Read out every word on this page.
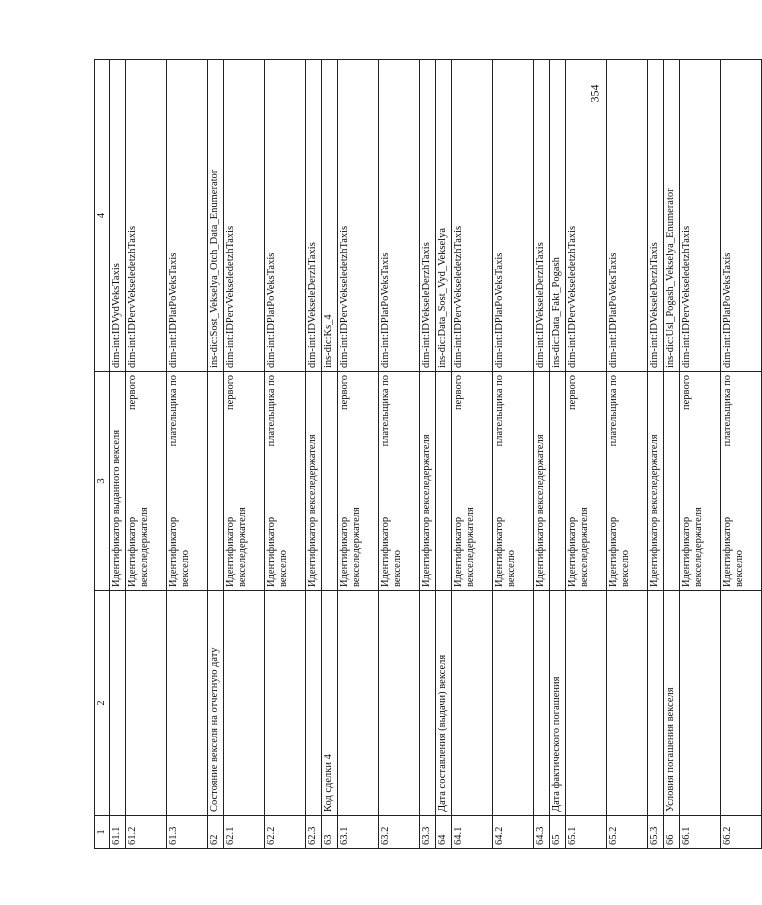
1	2	3	4
61.1		Идентификатор выданного векселя	dim-int:IDVydVeksTaxis
61.2		Идентификатор
первого
векселедержателя	dim-int:IDPervVekseledetzhTaxis
61.3		Идентификатор
плательщика по
векселю	dim-int:IDPlatPoVeksTaxis
62	Состояние векселя на отчетную дату		ins-dic:Sost_Vekselya_Otch_Data_Enumerator
62.1		Идентификатор
первого
векселедержателя	dim-int:IDPervVekseledetzhTaxis
62.2		Идентификатор
плательщика по
векселю	dim-int:IDPlatPoVeksTaxis
62.3		Идентификатор векселедержателя	dim-int:IDVekseleDerzhTaxis
63	Код сделки 4		ins-dic:Ks_4
63.1		Идентификатор
первого
векселедержателя	dim-int:IDPervVekseledetzhTaxis
63.2		Идентификатор
плательщика по
векселю	dim-int:IDPlatPoVeksTaxis
63.3		Идентификатор векселедержателя	dim-int:IDVekseleDerzhTaxis
64	Дата составления (выдачи) векселя		ins-dic:Data_Sost_Vyd_Vekselya
64.1		Идентификатор
первого
векселедержателя	dim-int:IDPervVekseledetzhTaxis
64.2		Идентификатор
плательщика по
векселю	dim-int:IDPlatPoVeksTaxis
64.3		Идентификатор векселедержателя	dim-int:IDVekseleDerzhTaxis
65	Дата фактического погашения		ins-dic:Data_Fakt_Pogash
65.1		Идентификатор
первого
векселедержателя	dim-int:IDPervVekseledetzhTaxis
65.2		Идентификатор
плательщика по
векселю	dim-int:IDPlatPoVeksTaxis
65.3		Идентификатор векселедержателя	dim-int:IDVekseleDerzhTaxis
66	Условия погашения векселя		ins-dic:Usl_Pogash_Vekselya_Enumerator
66.1		Идентификатор
первого
векселедержателя	dim-int:IDPervVekseledetzhTaxis
66.2		Идентификатор
плательщика по
векселю	dim-int:IDPlatPoVeksTaxis
354
